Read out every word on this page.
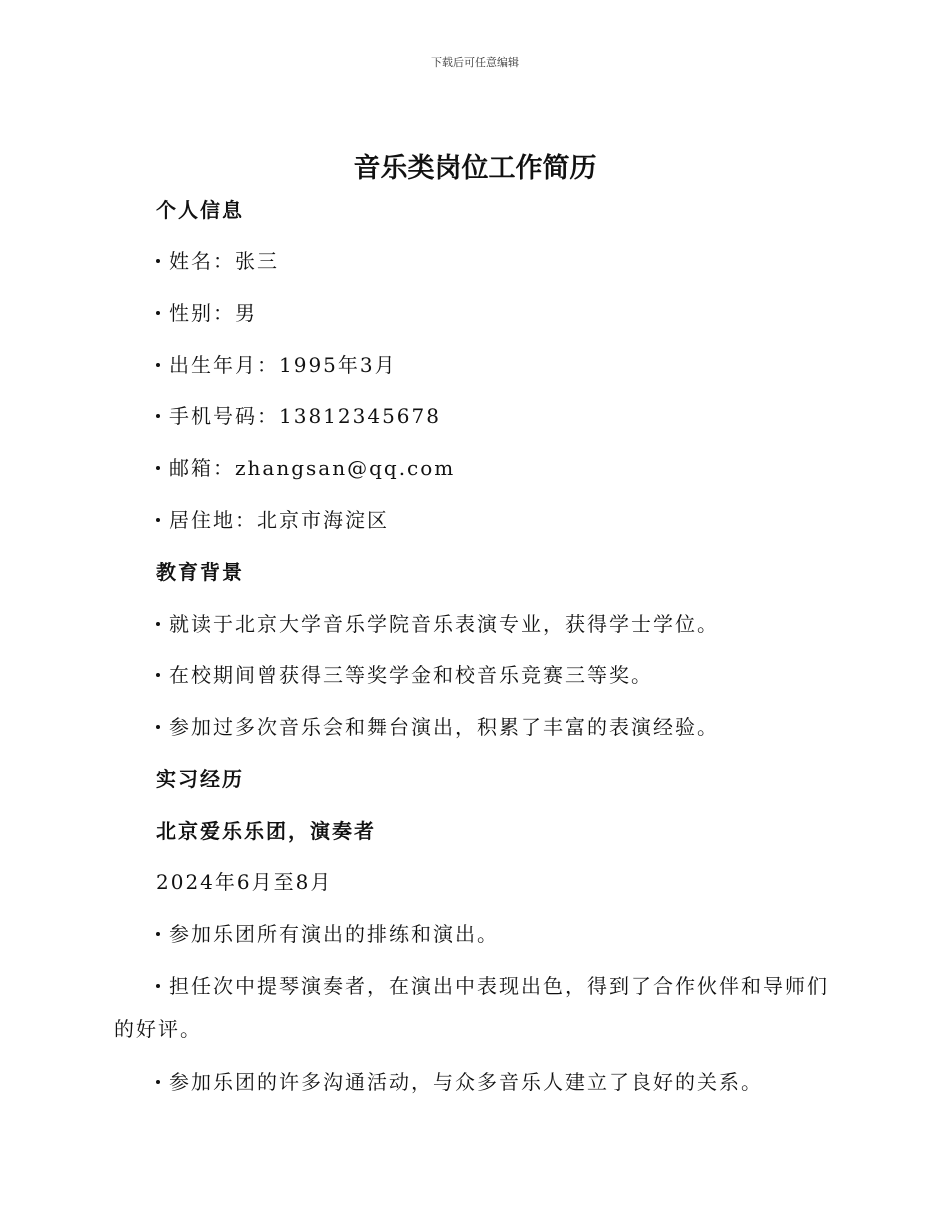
下载后可任意编辑
音乐类岗位工作简历
个人信息
姓名：张三
性别：男
出生年月：1995年3月
手机号码：13812345678
邮箱：zhangsan@qq.com
居住地：北京市海淀区
教育背景
就读于北京大学音乐学院音乐表演专业，获得学士学位。
在校期间曾获得三等奖学金和校音乐竞赛三等奖。
参加过多次音乐会和舞台演出，积累了丰富的表演经验。
实习经历
北京爱乐乐团，演奏者
2024年6月至8月
参加乐团所有演出的排练和演出。
担任次中提琴演奏者，在演出中表现出色，得到了合作伙伴和导师们
的好评。
参加乐团的许多沟通活动，与众多音乐人建立了良好的关系。
